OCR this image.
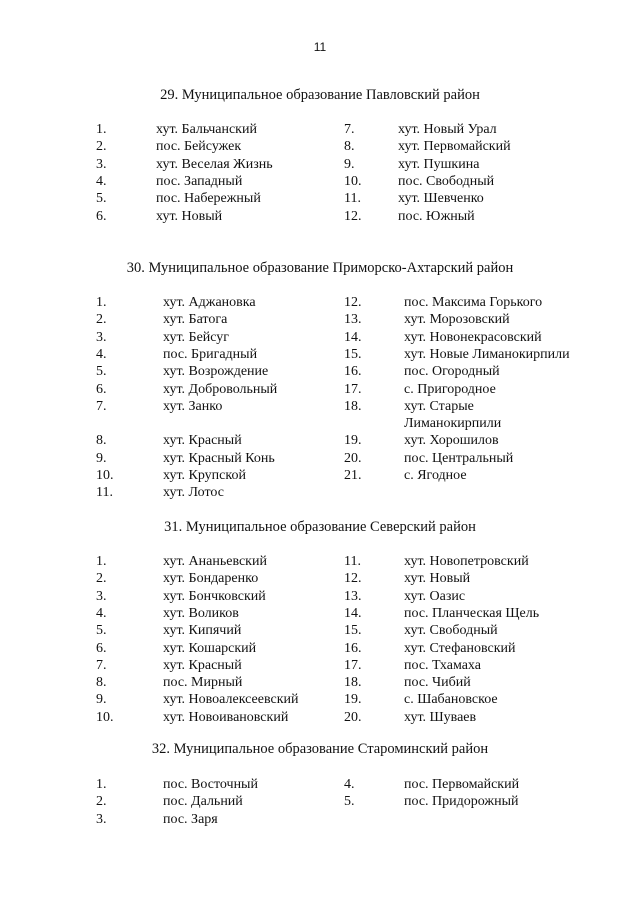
11

29. Муниципальное образование Павловский район

1.	хут. Бальчанский
2.	пос. Бейсужек
3.	хут. Веселая Жизнь
4.	пос. Западный
5.	пос. Набережный
6.	хут. Новый
7.	хут. Новый Урал
8.	хут. Первомайский
9.	хут. Пушкина
10.	пос. Свободный
11.	хут. Шевченко
12.	пос. Южный

30. Муниципальное образование Приморско-Ахтарский район

1.	хут. Аджановка
2.	хут. Батога
3.	хут. Бейсуг
4.	пос. Бригадный
5.	хут. Возрождение
6.	хут. Добровольный
7.	хут. Занко
8.	хут. Красный
9.	хут. Красный Конь
10.	хут. Крупской
11.	хут. Лотос
12.	пос. Максима Горького
13.	хут. Морозовский
14.	хут. Новонекрасовский
15.	хут. Новые Лиманокирпили
16.	пос. Огородный
17.	с. Пригородное
18.	хут. Старые
Лиманокирпили
19.	хут. Хорошилов
20.	пос. Центральный
21.	с. Ягодное

31. Муниципальное образование Северский район

1.	хут. Ананьевский
2.	хут. Бондаренко
3.	хут. Бончковский
4.	хут. Воликов
5.	хут. Кипячий
6.	хут. Кошарский
7.	хут. Красный
8.	пос. Мирный
9.	хут. Новоалексеевский
10.	хут. Новоивановский
11.	хут. Новопетровский
12.	хут. Новый
13.	хут. Оазис
14.	пос. Планческая Щель
15.	хут. Свободный
16.	хут. Стефановский
17.	пос. Тхамаха
18.	пос. Чибий
19.	с. Шабановское
20.	хут. Шуваев

32. Муниципальное образование Староминский район

1.	пос. Восточный
2.	пос. Дальний
3.	пос. Заря
4.	пос. Первомайский
5.	пос. Придорожный
